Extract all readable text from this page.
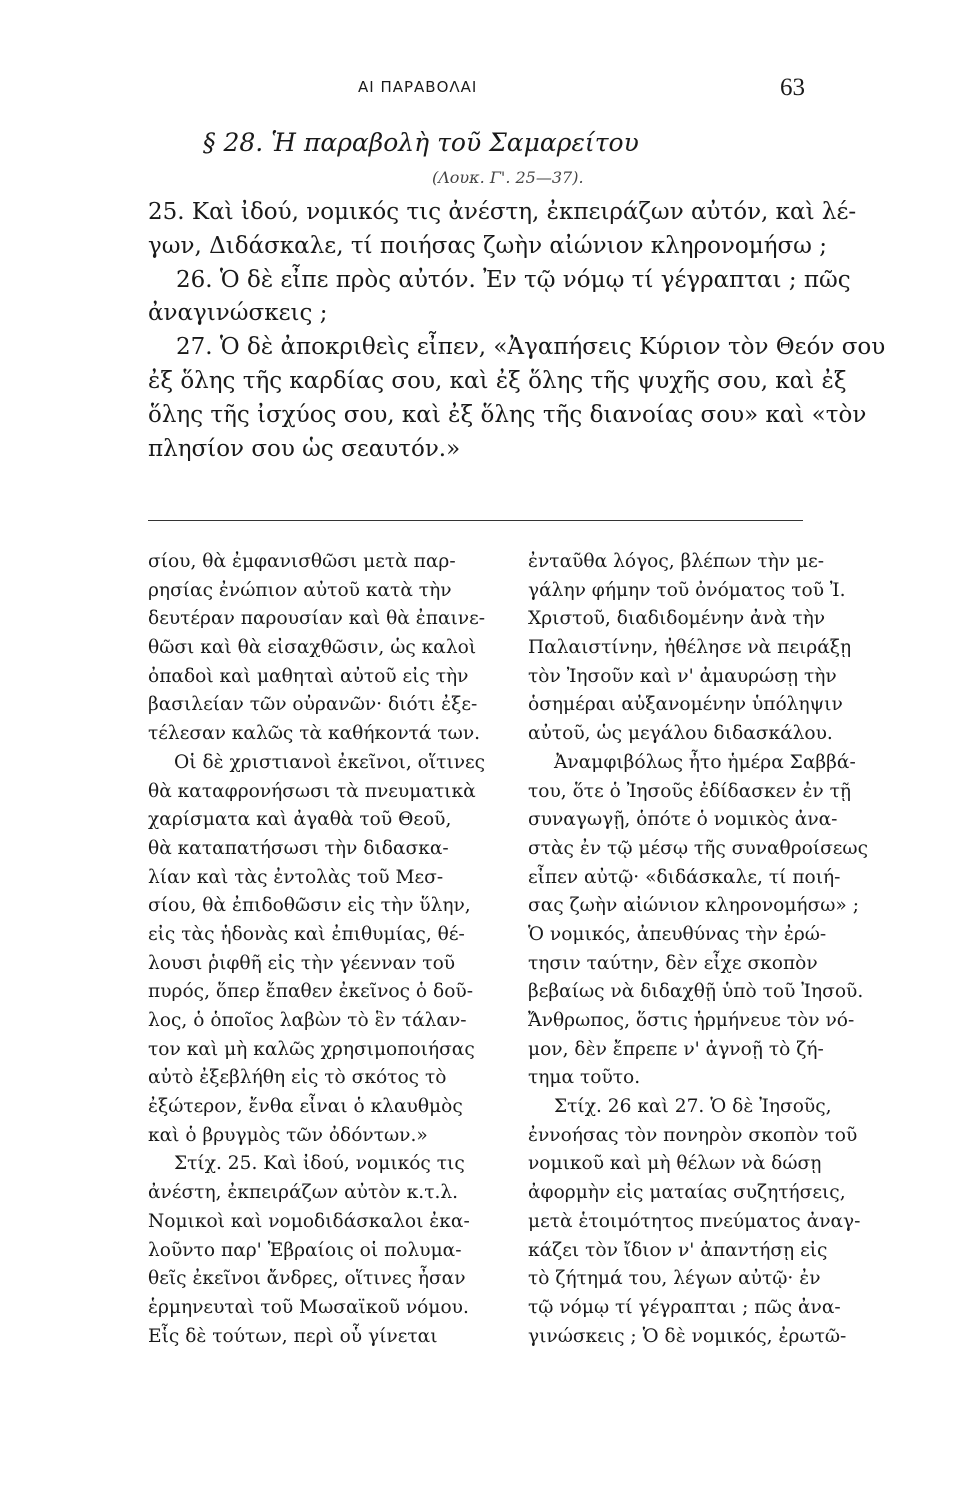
ΑΙ ΠΑΡΑΒΟΛΑΙ	63
§ 28. Ἡ παραβολὴ τοῦ Σαμαρείτου
(Λουκ. Γ'. 25—37).
25. Καὶ ἰδού, νομικός τις ἀνέστη, ἐκπειράζων αὐτόν, καὶ λέ-
γων, Διδάσκαλε, τί ποιήσας ζωὴν αἰώνιον κληρονομήσω ;
26. Ὁ δὲ εἶπε πρὸς αὐτόν. Ἐν τῷ νόμῳ τί γέγραπται ; πῶς
ἀναγινώσκεις ;
27. Ὁ δὲ ἀποκριθεὶς εἶπεν, «Ἀγαπήσεις Κύριον τὸν Θεόν σου
ἐξ ὅλης τῆς καρδίας σου, καὶ ἐξ ὅλης τῆς ψυχῆς σου, καὶ ἐξ
ὅλης τῆς ἰσχύος σου, καὶ ἐξ ὅλης τῆς διανοίας σου» καὶ «τὸν
πλησίον σου ὡς σεαυτόν.»
σίου, θὰ ἐμφανισθῶσι μετὰ παρ-
ρησίας ἐνώπιον αὐτοῦ κατὰ τὴν
δευτέραν παρουσίαν καὶ θὰ ἐπαινε-
θῶσι καὶ θὰ εἰσαχθῶσιν, ὡς καλοὶ
ὀπαδοὶ καὶ μαθηταὶ αὐτοῦ εἰς τὴν
βασιλείαν τῶν οὐρανῶν· διότι ἐξε-
τέλεσαν καλῶς τὰ καθήκοντά των.
Οἱ δὲ χριστιανοὶ ἐκεῖνοι, οἵτινες
θὰ καταφρονήσωσι τὰ πνευματικὰ
χαρίσματα καὶ ἀγαθὰ τοῦ Θεοῦ,
θὰ καταπατήσωσι τὴν διδασκα-
λίαν καὶ τὰς ἐντολὰς τοῦ Μεσ-
σίου, θὰ ἐπιδοθῶσιν εἰς τὴν ὕλην,
εἰς τὰς ἡδονὰς καὶ ἐπιθυμίας, θέ-
λουσι ῥιφθῆ εἰς τὴν γέενναν τοῦ
πυρός, ὅπερ ἔπαθεν ἐκεῖνος ὁ δοῦ-
λος, ὁ ὁποῖος λαβὼν τὸ ἓν τάλαν-
τον καὶ μὴ καλῶς χρησιμοποιήσας
αὐτὸ ἐξεβλήθη εἰς τὸ σκότος τὸ
ἐξώτερον, ἔνθα εἶναι ὁ κλαυθμὸς
καὶ ὁ βρυγμὸς τῶν ὀδόντων.»
Στίχ. 25. Καὶ ἰδού, νομικός τις
ἀνέστη, ἐκπειράζων αὐτὸν κ.τ.λ.
Νομικοὶ καὶ νομοδιδάσκαλοι ἐκα-
λοῦντο παρ' Ἑβραίοις οἱ πολυμα-
θεῖς ἐκεῖνοι ἄνδρες, οἵτινες ἦσαν
ἑρμηνευταὶ τοῦ Μωσαϊκοῦ νόμου.
Εἷς δὲ τούτων, περὶ οὗ γίνεται
ἐνταῦθα λόγος, βλέπων τὴν με-
γάλην φήμην τοῦ ὀνόματος τοῦ Ἰ.
Χριστοῦ, διαδιδομένην ἀνὰ τὴν
Παλαιστίνην, ἠθέλησε νὰ πειράξῃ
τὸν Ἰησοῦν καὶ ν' ἀμαυρώσῃ τὴν
ὁσημέραι αὐξανομένην ὑπόληψιν
αὐτοῦ, ὡς μεγάλου διδασκάλου.
Ἀναμφιβόλως ἦτο ἡμέρα Σαββά-
του, ὅτε ὁ Ἰησοῦς ἐδίδασκεν ἐν τῇ
συναγωγῇ, ὁπότε ὁ νομικὸς ἀνα-
στὰς ἐν τῷ μέσῳ τῆς συναθροίσεως
εἶπεν αὐτῷ· «διδάσκαλε, τί ποιή-
σας ζωὴν αἰώνιον κληρονομήσω» ;
Ὁ νομικός, ἀπευθύνας τὴν ἐρώ-
τησιν ταύτην, δὲν εἶχε σκοπὸν
βεβαίως νὰ διδαχθῇ ὑπὸ τοῦ Ἰησοῦ.
Ἄνθρωπος, ὅστις ἡρμήνευε τὸν νό-
μον, δὲν ἔπρεπε ν' ἀγνοῇ τὸ ζή-
τημα τοῦτο.
Στίχ. 26 καὶ 27. Ὁ δὲ Ἰησοῦς,
ἐννοήσας τὸν πονηρὸν σκοπὸν τοῦ
νομικοῦ καὶ μὴ θέλων νὰ δώσῃ
ἀφορμὴν εἰς ματαίας συζητήσεις,
μετὰ ἑτοιμότητος πνεύματος ἀναγ-
κάζει τὸν ἴδιον ν' ἀπαντήσῃ εἰς
τὸ ζήτημά του, λέγων αὐτῷ· ἐν
τῷ νόμῳ τί γέγραπται ; πῶς ἀνα-
γινώσκεις ; Ὁ δὲ νομικός, ἐρωτῶ-
